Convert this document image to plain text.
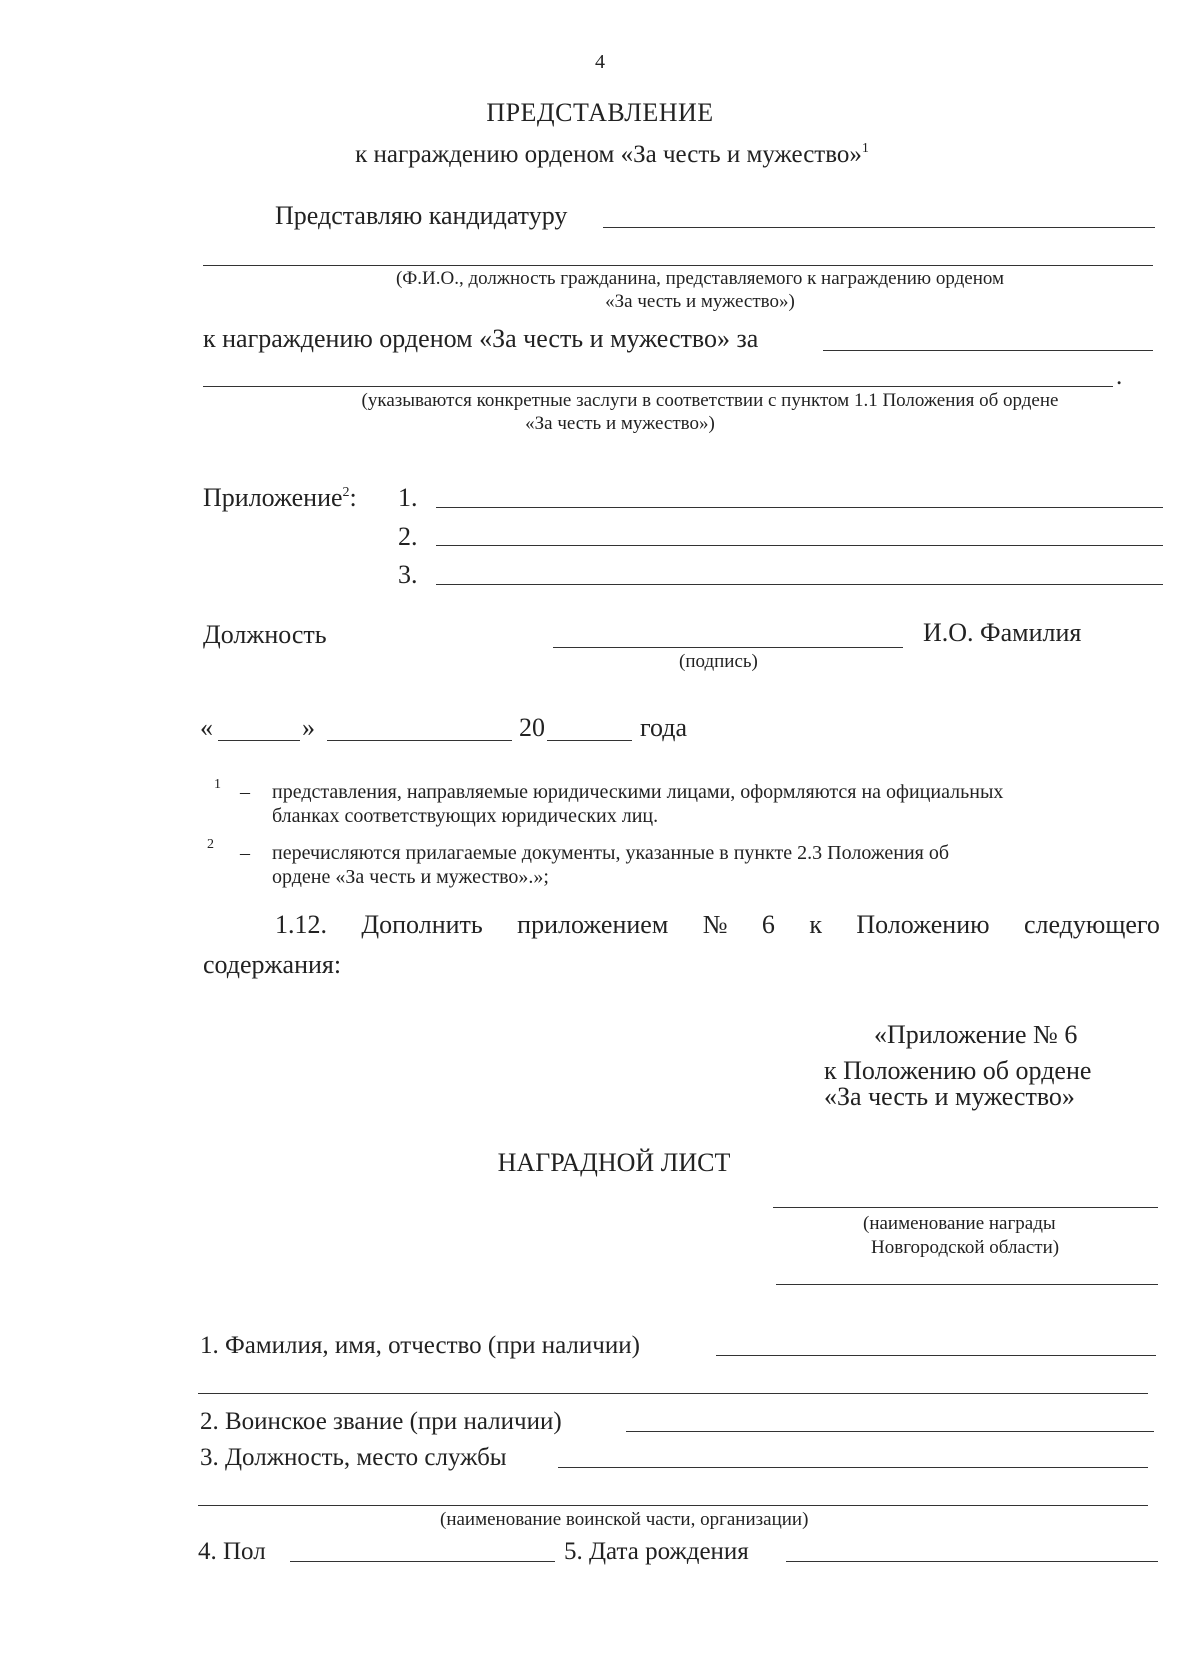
4
ПРЕДСТАВЛЕНИЕ
к награждению орденом «За честь и мужество»$^1$
Представляю кандидатуру
(Ф.И.О., должность гражданина, представляемого к награждению орденом
«За честь и мужество»)
к награждению орденом «За честь и мужество» за
.
(указываются конкретные заслуги в соответствии с пунктом 1.1 Положения об ордене
«За честь и мужество»)
Приложение$^2$: 1.
2.
3.
Должность	И.О. Фамилия
(подпись)
«	»	20	года
1 – представления, направляемые юридическими лицами, оформляются на официальных
бланках соответствующих юридических лиц.
2 – перечисляются прилагаемые документы, указанные в пункте 2.3 Положения об
ордене «За честь и мужество».»;
1.12. Дополнить приложением № 6 к Положению следующего
содержания:
«Приложение № 6
к Положению об ордене
«За честь и мужество»
НАГРАДНОЙ ЛИСТ
(наименование награды
Новгородской области)
1. Фамилия, имя, отчество (при наличии)
2. Воинское звание (при наличии)
3. Должность, место службы
(наименование воинской части, организации)
4. Пол	5. Дата рождения
